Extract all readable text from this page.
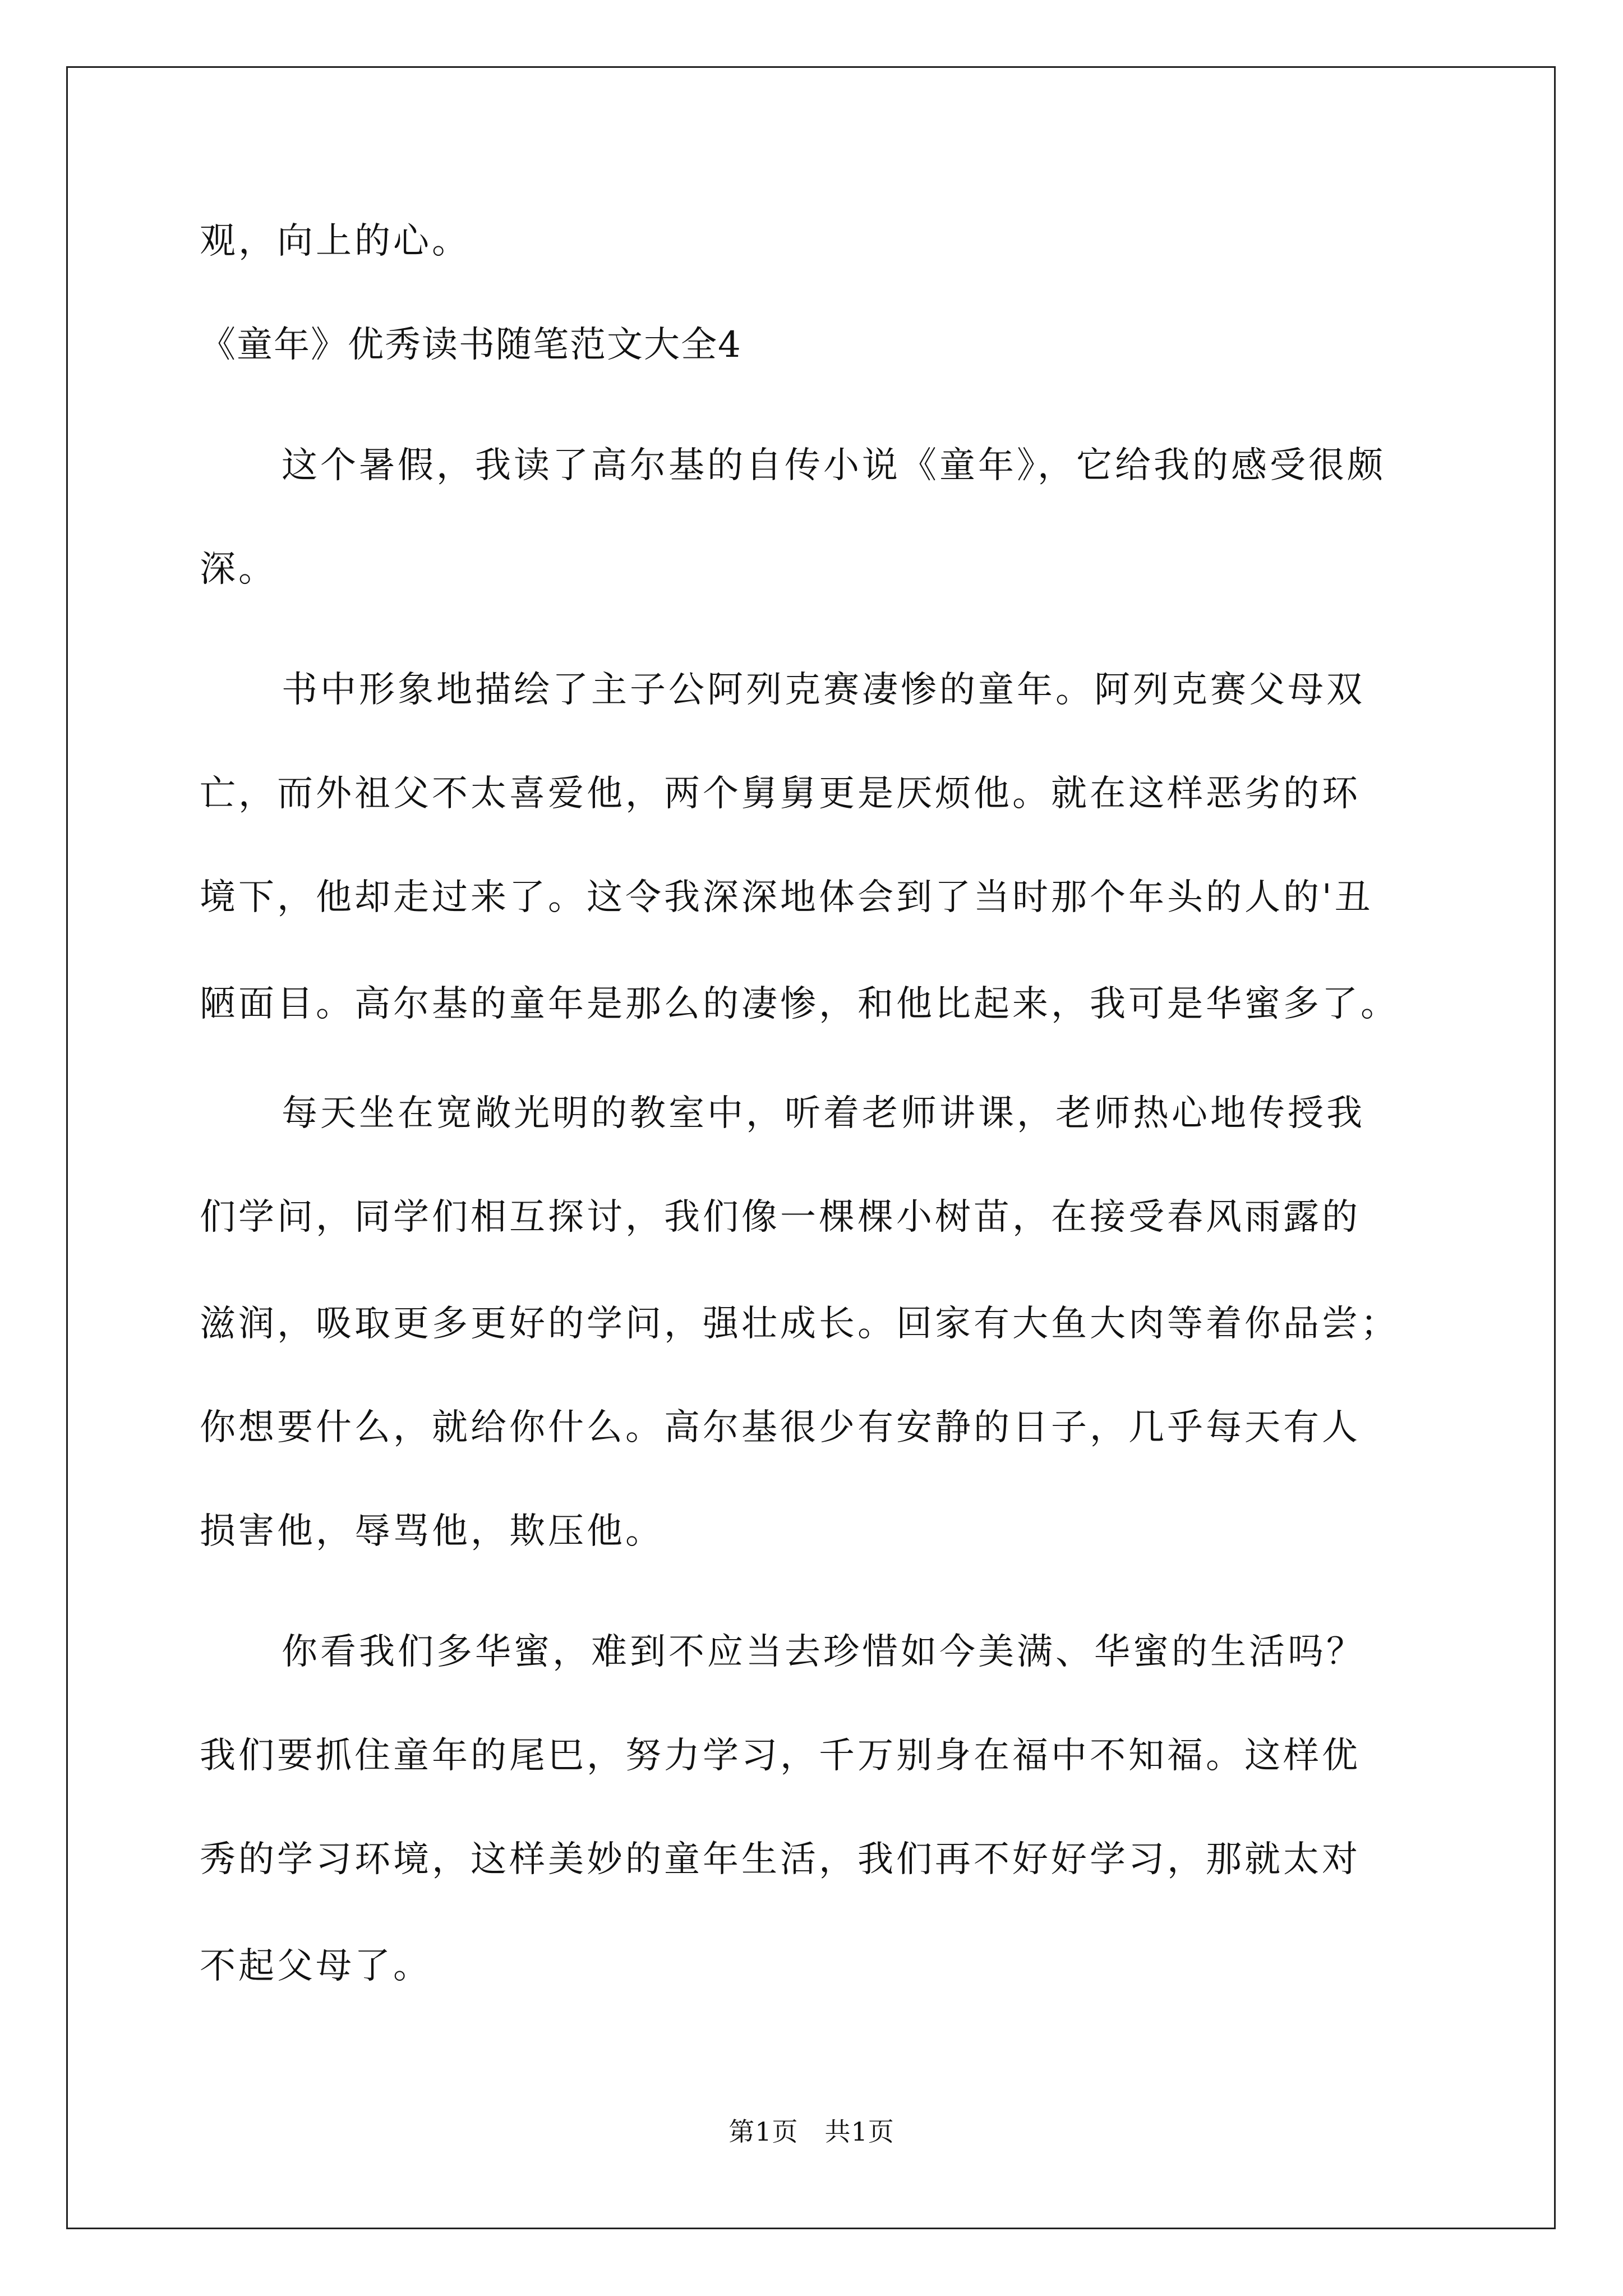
观，向上的心。

《童年》优秀读书随笔范文大全4

这个暑假，我读了高尔基的自传小说《童年》，它给我的感受很颇

深。

书中形象地描绘了主子公阿列克赛凄惨的童年。阿列克赛父母双

亡，而外祖父不太喜爱他，两个舅舅更是厌烦他。就在这样恶劣的环

境下，他却走过来了。这令我深深地体会到了当时那个年头的人的'丑

陋面目。高尔基的童年是那么的凄惨，和他比起来，我可是华蜜多了。

每天坐在宽敞光明的教室中，听着老师讲课，老师热心地传授我

们学问，同学们相互探讨，我们像一棵棵小树苗，在接受春风雨露的

滋润，吸取更多更好的学问，强壮成长。回家有大鱼大肉等着你品尝；

你想要什么，就给你什么。高尔基很少有安静的日子，几乎每天有人

损害他，辱骂他，欺压他。

你看我们多华蜜，难到不应当去珍惜如今美满、华蜜的生活吗？

我们要抓住童年的尾巴，努力学习，千万别身在福中不知福。这样优

秀的学习环境，这样美妙的童年生活，我们再不好好学习，那就太对

不起父母了。

第1页　共1页
